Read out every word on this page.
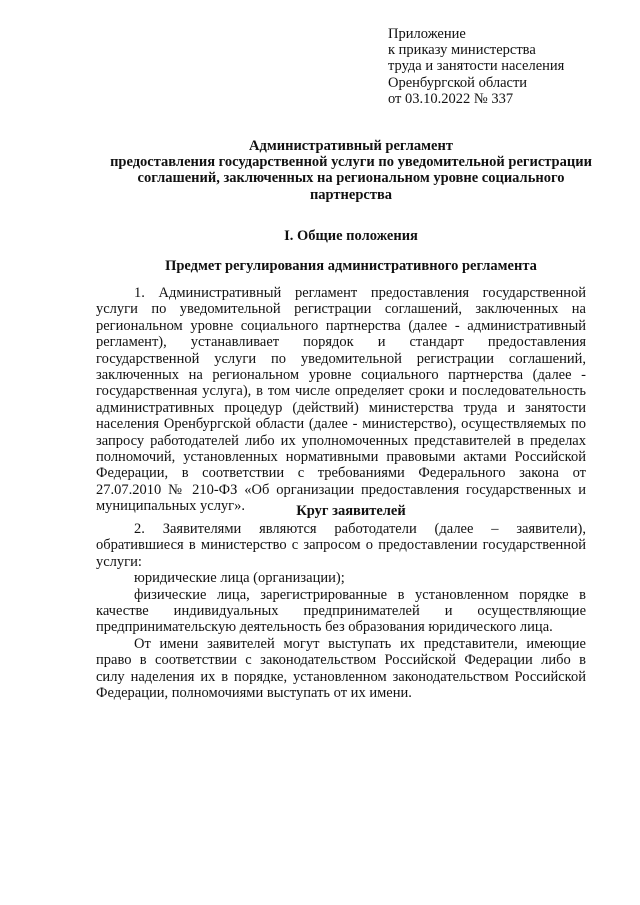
Приложение
к приказу министерства
труда и занятости населения
Оренбургской области
от 03.10.2022 № 337
Административный регламент
предоставления государственной услуги по уведомительной регистрации
соглашений, заключенных на региональном уровне социального
партнерства
I. Общие положения
Предмет регулирования административного регламента
1. Административный регламент предоставления государственной
услуги по уведомительной регистрации соглашений, заключенных на
региональном уровне социального партнерства (далее - административный
регламент), устанавливает порядок и стандарт предоставления
государственной услуги по уведомительной регистрации соглашений,
заключенных на региональном уровне социального партнерства (далее -
государственная услуга), в том числе определяет сроки и последовательность
административных процедур (действий) министерства труда и занятости
населения Оренбургской области (далее - министерство), осуществляемых по
запросу работодателей либо их уполномоченных представителей в пределах
полномочий, установленных нормативными правовыми актами Российской
Федерации, в соответствии с требованиями Федерального закона от
27.07.2010 № 210-ФЗ «Об организации предоставления государственных и
муниципальных услуг».	Круг заявителей
2. Заявителями являются работодатели (далее – заявители),
обратившиеся в министерство с запросом о предоставлении государственной
услуги:
юридические лица (организации);
физические лица, зарегистрированные в установленном порядке в
качестве индивидуальных предпринимателей и осуществляющие
предпринимательскую деятельность без образования юридического лица.
От имени заявителей могут выступать их представители, имеющие
право в соответствии с законодательством Российской Федерации либо в
силу наделения их в порядке, установленном законодательством Российской
Федерации, полномочиями выступать от их имени.
